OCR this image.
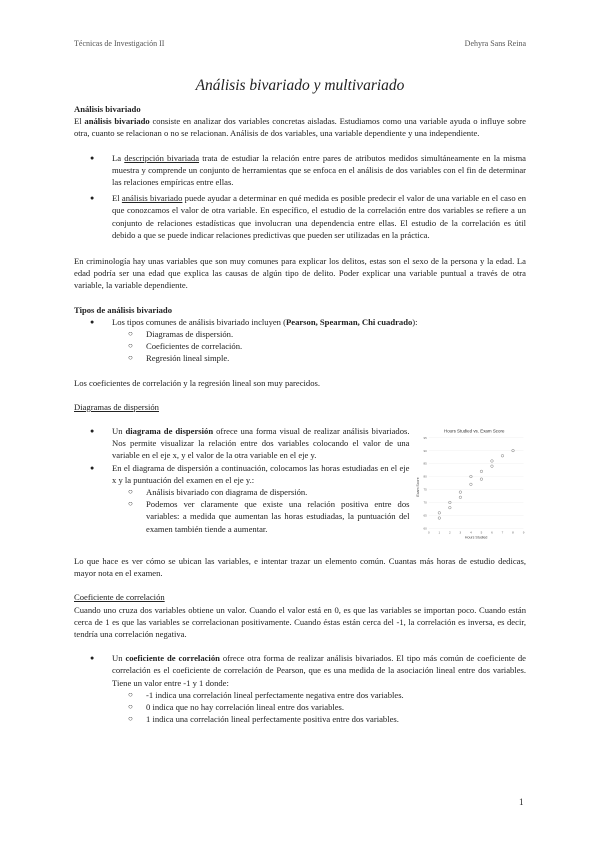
Técnicas de Investigación II	Dehyra Sans Reina
Análisis bivariado y multivariado

Análisis bivariado

El análisis bivariado consiste en analizar dos variables concretas aisladas. Estudiamos como una variable ayuda o influye sobre otra, cuanto se relacionan o no se relacionan. Análisis de dos variables, una variable dependiente y una independiente.

● La descripción bivariada trata de estudiar la relación entre pares de atributos medidos simultáneamente en la misma muestra y comprende un conjunto de herramientas que se enfoca en el análisis de dos variables con el fin de determinar las relaciones empíricas entre ellas.
● El análisis bivariado puede ayudar a determinar en qué medida es posible predecir el valor de una variable en el caso en que conozcamos el valor de otra variable. En específico, el estudio de la correlación entre dos variables se refiere a un conjunto de relaciones estadísticas que involucran una dependencia entre ellas. El estudio de la correlación es útil debido a que se puede indicar relaciones predictivas que pueden ser utilizadas en la práctica.

En criminología hay unas variables que son muy comunes para explicar los delitos, estas son el sexo de la persona y la edad. La edad podría ser una edad que explica las causas de algún tipo de delito. Poder explicar una variable puntual a través de otra variable, la variable dependiente.

Tipos de análisis bivariado

● Los tipos comunes de análisis bivariado incluyen (Pearson, Spearman, Chi cuadrado):
○ Diagramas de dispersión.
○ Coeficientes de correlación.
○ Regresión lineal simple.

Los coeficientes de correlación y la regresión lineal son muy parecidos.

Diagramas de dispersión

● Un diagrama de dispersión ofrece una forma visual de realizar análisis bivariados. Nos permite visualizar la relación entre dos variables colocando el valor de una variable en el eje x, y el valor de la otra variable en el eje y.
● En el diagrama de dispersión a continuación, colocamos las horas estudiadas en el eje x y la puntuación del examen en el eje y.:
○ Análisis bivariado con diagrama de dispersión.
○ Podemos ver claramente que existe una relación positiva entre dos variables: a medida que aumentan las horas estudiadas, la puntuación del examen también tiende a aumentar.
Hours Studied vs. Exam Score
Exam Score
Hours Studied
60
65
70
75
80
85
90
95
0	1	2	3	4	5	6	7	8	9

Lo que hace es ver cómo se ubican las variables, e intentar trazar un elemento común. Cuantas más horas de estudio dedicas, mayor nota en el examen.

Coeficiente de correlación

Cuando uno cruza dos variables obtiene un valor. Cuando el valor está en 0, es que las variables se importan poco. Cuando están cerca de 1 es que las variables se correlacionan positivamente. Cuando éstas están cerca del -1, la correlación es inversa, es decir, tendría una correlación negativa.

● Un coeficiente de correlación ofrece otra forma de realizar análisis bivariados. El tipo más común de coeficiente de correlación es el coeficiente de correlación de Pearson, que es una medida de la asociación lineal entre dos variables. Tiene un valor entre -1 y 1 donde:
○ -1 indica una correlación lineal perfectamente negativa entre dos variables.
○ 0 indica que no hay correlación lineal entre dos variables.
○ 1 indica una correlación lineal perfectamente positiva entre dos variables.
1
